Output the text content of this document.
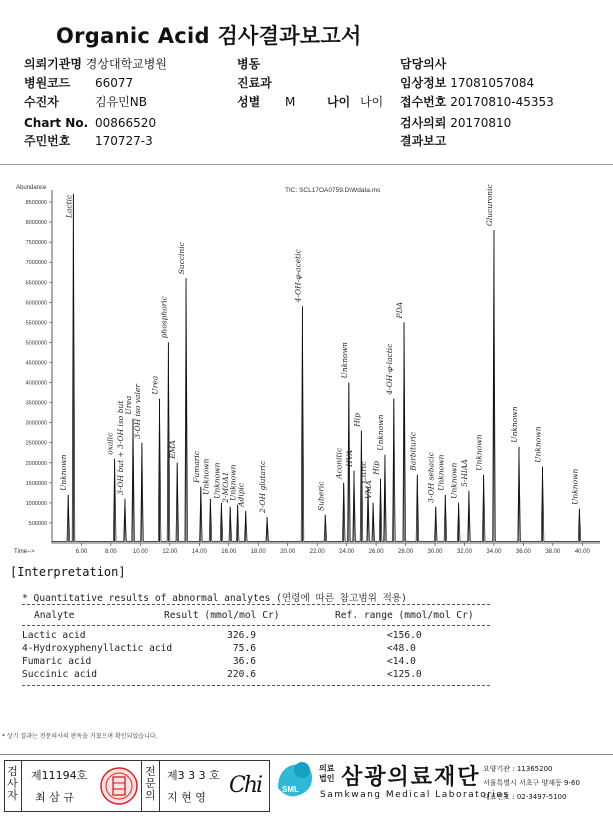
Organic Acid 검사결과보고서
의뢰기관명 경상대학교병원
병원코드 66077
수진자	김유민NB
Chart No. 00866520
주민번호 170727-3
병동
진료과
성별 M	나이 나이
담당의사
임상정보 17081057084
접수번호 20170810-45353
검사의뢰 20170810
결과보고
500000
1000000
1500000
2000000
2500000
3000000
3500000
4000000
4500000
5000000
5500000
6000000
6500000
7000000
7500000
8000000
8500000
6.00	8.00	10.00 12.00 14.00 16.00 18.00 20.00 22.00 24.00 26.00 28.00 30.00 32.00 34.00 36.00 38.00 40.00
Abundance
Time-->
TIC: SCL17OA0759.D\Wdata.ms
Unknown
Lactic
oxalic 3-OH but + 3-OH iso but Urea 3-OH iso valer Urea
phosphoric
EMA
Succinic
Fumaric Unknown Unknown 2-MOA1
Unknown Adipic 2-OH glutaric
4-OH-φ-acetic
Suberic
Aconitic
Unknown
HVA
Hip
Citric
VMA
Hip
Unknown
4-OH-φ-lactic
PDA
Barbituric
3-OH sebacic Unknown Unknown 5-HIAA
Unknown
Glucuronic
Unknown
Unknown
Unknown
[Interpretation]
* Quantitative results of abnormal analytes (연령에 따른 참고범위 적용)
Analyte	Result (mmol/mol Cr)	Ref. range (mmol/mol Cr)
Lactic acid	326.9	<156.0
4-Hydroxyphenyllactic acid	75.6	<48.0
Fumaric acid	36.6	<14.0
Succinic acid	220.6	<125.0
* 상기 결과는 전문의사의 판독을 거쳤으며 확인되었습니다.
검사자
제11194호
최 삼 규
전문의
제3 3 3 호
지 현 영 Chi	SML
의료
법인 삼광의료재단
Samkwang Medical Laboratories
요양기관 : 11365200
서울특별시 서초구 양재동 9-60
대표번호 : 02-3497-5100
